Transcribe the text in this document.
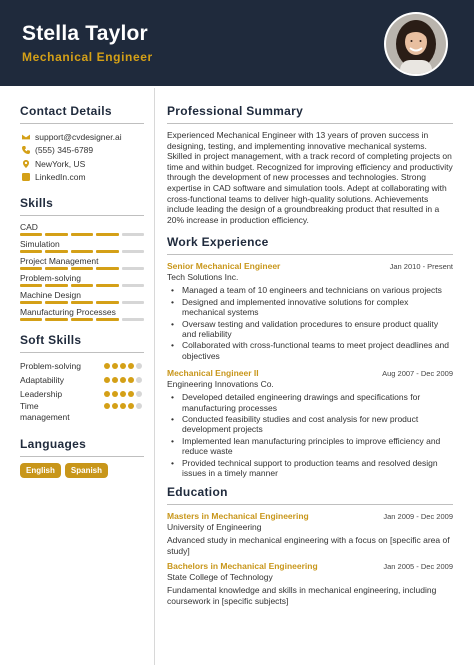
Stella Taylor
Mechanical Engineer
Contact Details
support@cvdesigner.ai
(555) 345-6789
NewYork, US
LinkedIn.com
Skills
CAD
Simulation
Project Management
Problem-solving
Machine Design
Manufacturing Processes
Soft Skills
Problem-solving
Adaptability
Leadership
Time management
Languages
English	Spanish
Professional Summary
Experienced Mechanical Engineer with 13 years of proven success in designing, testing, and implementing innovative mechanical systems. Skilled in project management, with a track record of completing projects on time and within budget. Recognized for improving efficiency and productivity through the development of new processes and technologies. Strong expertise in CAD software and simulation tools. Adept at collaborating with cross-functional teams to deliver high-quality solutions. Achievements include leading the design of a groundbreaking product that resulted in a 20% increase in production efficiency.
Work Experience
Senior Mechanical Engineer	Jan 2010 - Present
Tech Solutions Inc.
• Managed a team of 10 engineers and technicians on various projects
• Designed and implemented innovative solutions for complex mechanical systems
• Oversaw testing and validation procedures to ensure product quality and reliability
• Collaborated with cross-functional teams to meet project deadlines and objectives
Mechanical Engineer II	Aug 2007 - Dec 2009
Engineering Innovations Co.
• Developed detailed engineering drawings and specifications for manufacturing processes
• Conducted feasibility studies and cost analysis for new product development projects
• Implemented lean manufacturing principles to improve efficiency and reduce waste
• Provided technical support to production teams and resolved design issues in a timely manner
Education
Masters in Mechanical Engineering	Jan 2009 - Dec 2009
University of Engineering
Advanced study in mechanical engineering with a focus on [specific area of study]
Bachelors in Mechanical Engineering	Jan 2005 - Dec 2009
State College of Technology
Fundamental knowledge and skills in mechanical engineering, including coursework in [specific subjects]
